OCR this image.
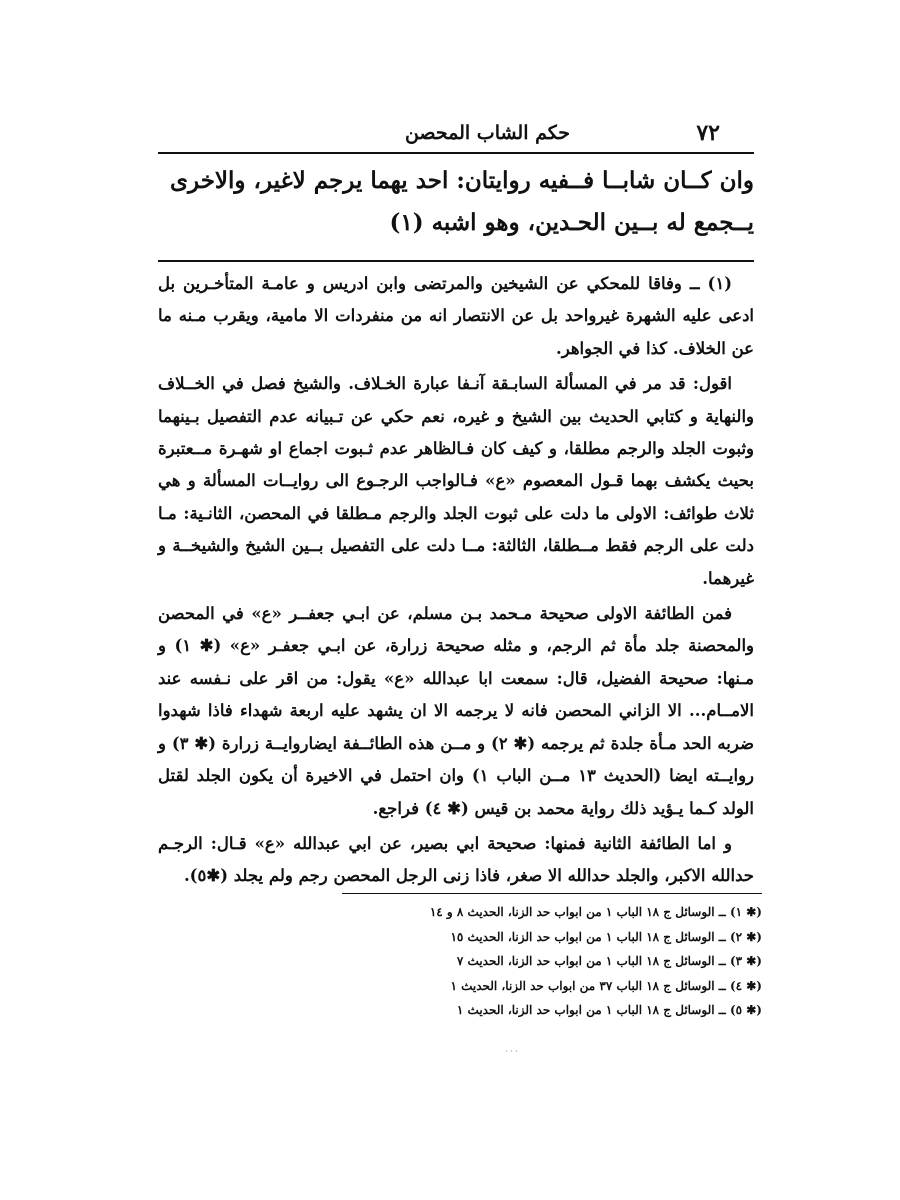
٧٢
حكم الشاب المحصن

وان كــان شابــا فــفيه روايتان: احد يهما يرجم لاغير، والاخرى

يــجمع له بــين الحـدين، وهو اشبه (١)

(١) ــ وفاقا للمحكي عن الشيخين والمرتضى وابن ادريس و عامـة المتأخـرين بل ادعى عليه الشهرة غيرواحد بل عن الانتصار انه من منفردات الا مامية، ويقرب مـنه ما عن الخلاف. كذا في الجواهر.

اقول: قد مر في المسألة السابـقة آنـفا عبارة الخـلاف. والشيخ فصل في الخــلاف والنهاية و كتابي الحديث بين الشيخ و غيره، نعم حكي عن تـبيانه عدم التفصيل بـينهما وثبوت الجلد والرجم مطلقا، و كيف كان فـالظاهر عدم ثـبوت اجماع او شهـرة مــعتبرة بحيث يكشف بهما قـول المعصوم «ع» فـالواجب الرجـوع الى روايــات المسألة و هي ثلاث طوائف: الاولى ما دلت على ثبوت الجلد والرجم مـطلقا في المحصن، الثانـية: مـا دلت على الرجم فقط مــطلقا، الثالثة: مــا دلت على التفصيل بــين الشيخ والشيخــة و غيرهما.

فمن الطائفة الاولى صحيحة مـحمد بـن مسلم، عن ابـي جعفــر «ع» في المحصن والمحصنة جلد مأة ثم الرجم، و مثله صحيحة زرارة، عن ابـي جعفـر «ع» (✱ ١) و مـنها: صحيحة الفضيل، قال: سمعت ابا عبدالله «ع» يقول: من اقر على نـفسه عند الامــام... الا الزاني المحصن فانه لا يرجمه الا ان يشهد عليه اربعة شهداء فاذا شهدوا ضربه الحد مـأة جلدة ثم يرجمه (✱ ٢) و مــن هذه الطائــفة ايضاروايــة زرارة (✱ ٣) و روايــته ايضا (الحديث ١٣ مــن الباب ١) وان احتمل في الاخيرة أن يكون الجلد لقتل الولد كـما يـؤيد ذلك رواية محمد بن قيس (✱ ٤) فراجع.

و اما الطائفة الثانية فمنها: صحيحة ابي بصير، عن ابي عبدالله «ع» قـال: الرجـم حدالله الاكبر، والجلد حدالله الا صغر، فاذا زنى الرجل المحصن رجم ولم يجلد (✱٥).

(✱ ١) ــ الوسائل ج ١٨ الباب ١ من ابواب حد الزنا، الحديث ٨ و ١٤
(✱ ٢) ــ الوسائل ج ١٨ الباب ١ من ابواب حد الزنا، الحديث ١٥
(✱ ٣) ــ الوسائل ج ١٨ الباب ١ من ابواب حد الزنا، الحديث ٧
(✱ ٤) ــ الوسائل ج ١٨ الباب ٣٧ من ابواب حد الزنا، الحديث ١
(✱ ٥) ــ الوسائل ج ١٨ الباب ١ من ابواب حد الزنا، الحديث ١
· · ·
